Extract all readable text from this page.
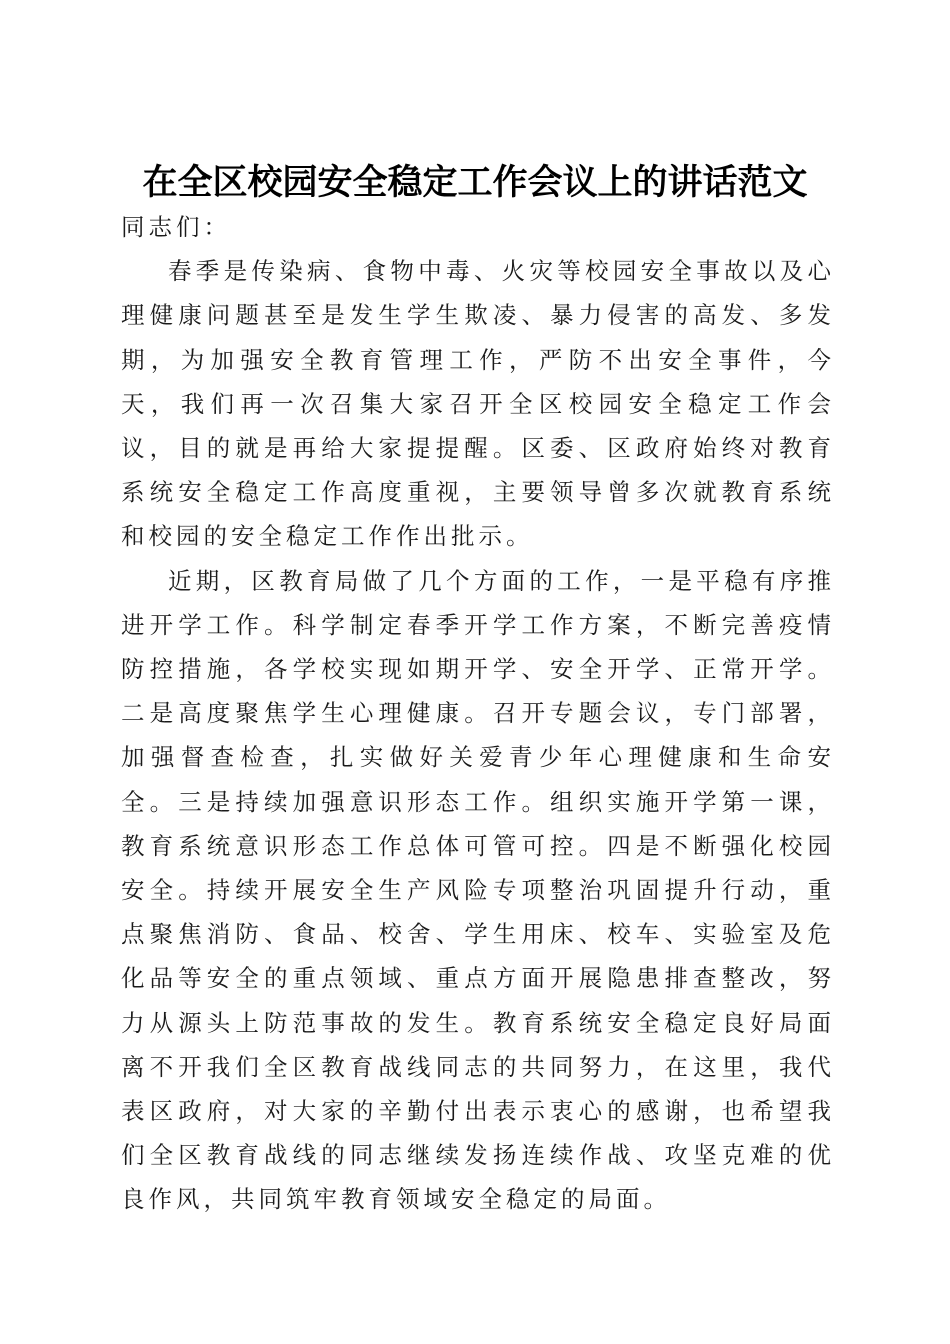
在全区校园安全稳定工作会议上的讲话范文

同志们：

春季是传染病、食物中毒、火灾等校园安全事故以及心理健康问题甚至是发生学生欺凌、暴力侵害的高发、多发期，为加强安全教育管理工作，严防不出安全事件，今天，我们再一次召集大家召开全区校园安全稳定工作会议，目的就是再给大家提提醒。区委、区政府始终对教育系统安全稳定工作高度重视，主要领导曾多次就教育系统和校园的安全稳定工作作出批示。

近期，区教育局做了几个方面的工作，一是平稳有序推进开学工作。科学制定春季开学工作方案，不断完善疫情防控措施，各学校实现如期开学、安全开学、正常开学。二是高度聚焦学生心理健康。召开专题会议，专门部署，加强督查检查，扎实做好关爱青少年心理健康和生命安全。三是持续加强意识形态工作。组织实施开学第一课，教育系统意识形态工作总体可管可控。四是不断强化校园安全。持续开展安全生产风险专项整治巩固提升行动，重点聚焦消防、食品、校舍、学生用床、校车、实验室及危化品等安全的重点领域、重点方面开展隐患排查整改，努力从源头上防范事故的发生。教育系统安全稳定良好局面离不开我们全区教育战线同志的共同努力，在这里，我代表区政府，对大家的辛勤付出表示衷心的感谢，也希望我们全区教育战线的同志继续发扬连续作战、攻坚克难的优良作风，共同筑牢教育领域安全稳定的局面。
